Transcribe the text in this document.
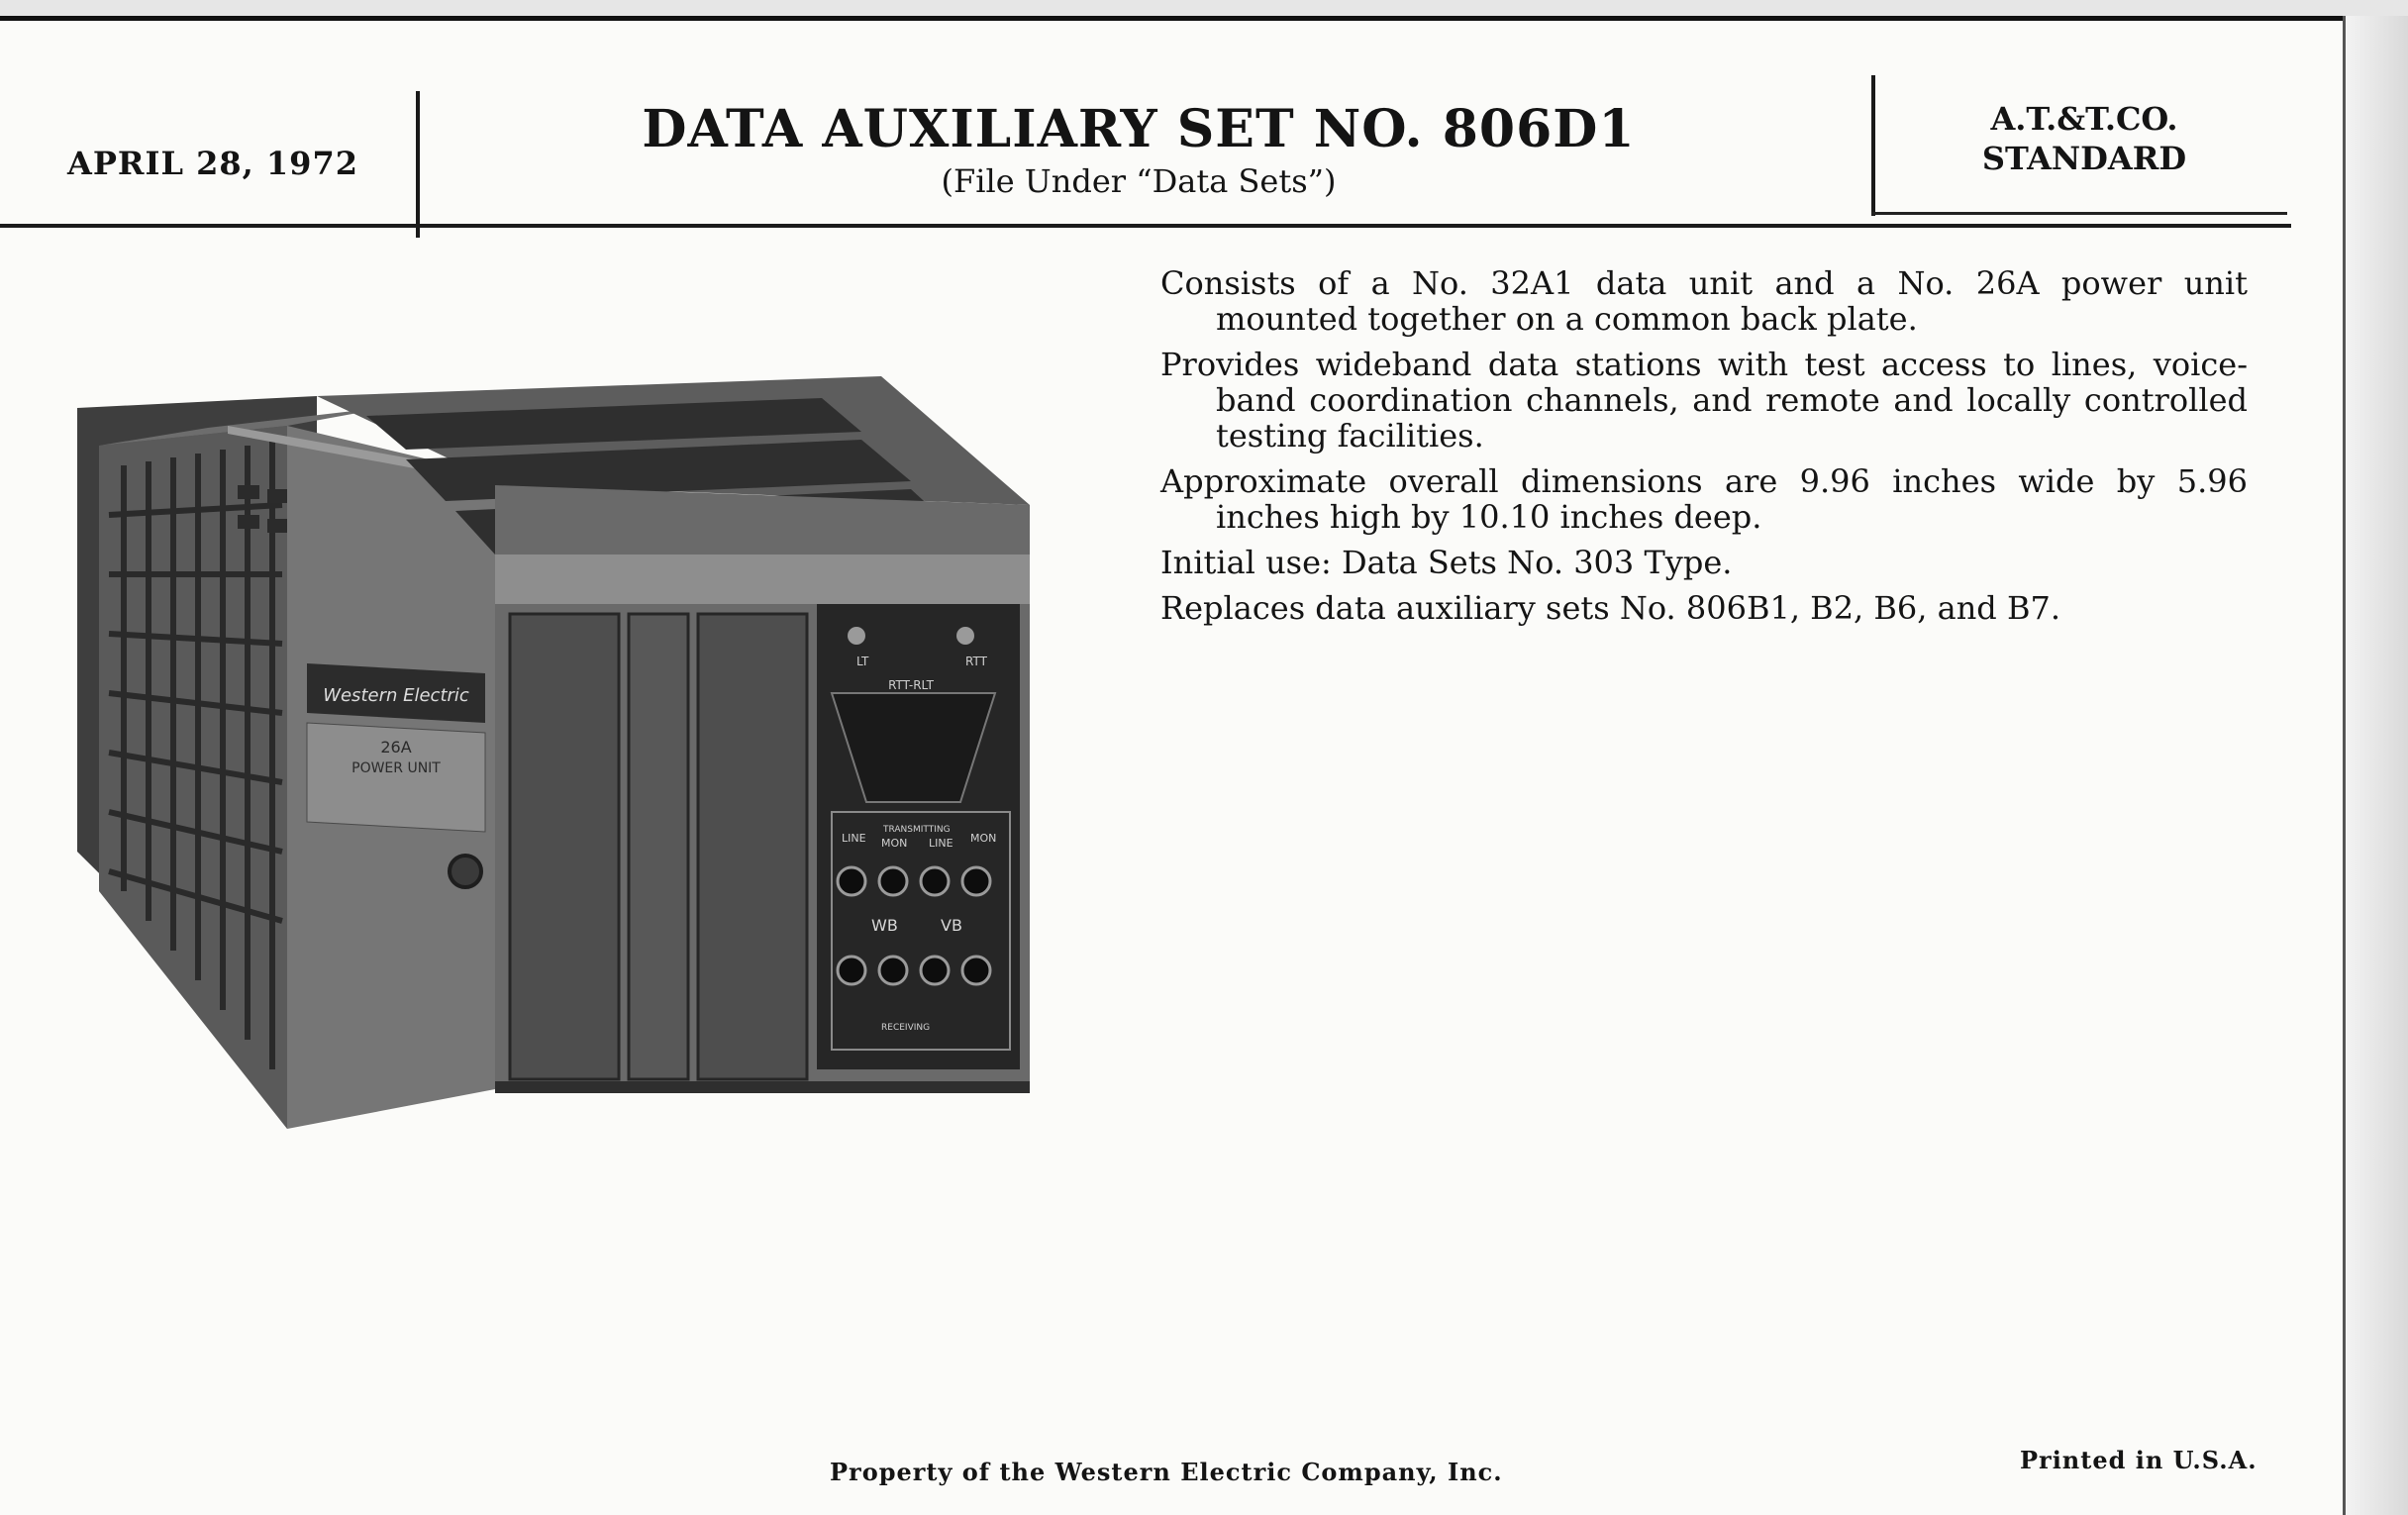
APRIL 28, 1972
DATA AUXILIARY SET NO. 806D1
(File Under “Data Sets”)
A.T.&T.CO.
STANDARD
Western Electric
26A
POWER UNIT
LT	RTT
RTT-RLT
LINE
TRANSMITTING
MON LINE MON
WB	VB
RECEIVING
Consists of a No. 32A1 data unit and a No. 26A power unit mounted together on a common back plate.
Provides wideband data stations with test access to lines, voice-band coordination channels, and remote and locally controlled testing facilities.
Approximate overall dimensions are 9.96 inches wide by 5.96 inches high by 10.10 inches deep.
Initial use: Data Sets No. 303 Type.
Replaces data auxiliary sets No. 806B1, B2, B6, and B7.
Property of the Western Electric Company, Inc.	Printed in U.S.A.
